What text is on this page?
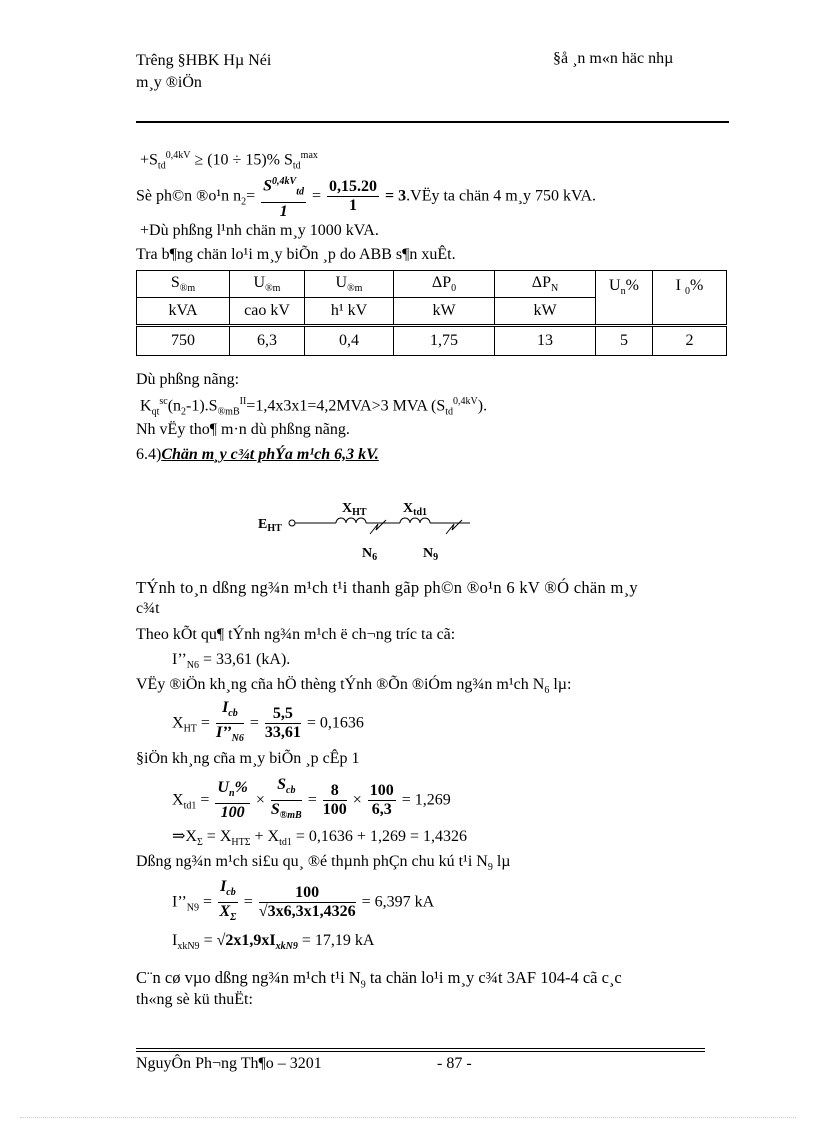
Trêng §HBK Hµ Néi
m¸y ®iÖn
§å ¸n m«n häc nhµ
$+S_{td}^{0,4kV} \ge (10 \div 15)\%$ $S_{td}^{max}$
Sè ph©n ®o¹n $n_2= \frac{S^{0,4kV}_{td}}{1} = \frac{0,15.20}{1}$ = 3.VËy ta chän 4 m¸y 750 kVA.
+Dù phßng l¹nh chän m¸y 1000 kVA.
Tra b¶ng chän lo¹i m¸y biÕn ¸p do ABB s¶n xuÊt.
$S_{®m}$	$U_{®m}$	$U_{®m}$	$\Delta P_0$	$\Delta P_N$	$U_n\%$	I $_0$%
kVA	cao kV	h¹ kV	kW	kW		
750	6,3	0,4	1,75	13	5	2
Dù phßng nãng:
$K_{qt}^{sc}(n_2-1).S_{®mB}^{II}=1,4x3x1=4,2MVA>3$ MVA $(S_{td}^{0,4kV})$.
Nh vËy tho¶ m·n dù phßng nãng.
6.4)Chän m¸y c¾t phÝa m¹ch 6,3 kV.
$E_{HT}$
$X_{HT}$	$X_{td1}$
$N_6$	$N_9$
TÝnh to¸n dßng ng¾n m¹ch t¹i thanh gãp ph©n ®o¹n 6 kV ®Ó chän m¸y
c¾t
Theo kÕt qu¶ tÝnh ng¾n m¹ch ë ch¬ng tríc ta cã:
$I’’_{N6} = 33,61$ (kA).
VËy ®iÖn kh¸ng cña hÖ thèng tÝnh ®Õn ®iÓm ng¾n m¹ch $N_6$ lµ:
$X_{HT} = \frac{I_{cb}}{I’’_{N6}} = \frac{5,5}{33,61} = 0,1636$
§iÖn kh¸ng cña m¸y biÕn ¸p cÊp 1
$X_{td1} = \frac{U_n\%}{100} \times \frac{S_{cb}}{S_{®mB}} = \frac{8}{100} \times \frac{100}{6,3} = 1,269$
$\Rightarrow X_\Sigma = X_{HT\Sigma} + X_{td1} = 0,1636 + 1,269 = 1,4326$
Dßng ng¾n m¹ch si£u qu¸ ®é thµnh phÇn chu kú t¹i $N_9$ lµ
$I’’_{N9} = \frac{I_{cb}}{X_\Sigma} = \frac{100}{√3x6,3x1,4326} = 6,397$ kA
$I_{xkN9} = √2x1,9xI_{xkN9} = 17,19$ kA
C¨n cø vµo dßng ng¾n m¹ch t¹i $N_9$ ta chän lo¹i m¸y c¾t 3AF 104-4 cã c¸c
th«ng sè kü thuËt:
NguyÔn Ph¬ng Th¶o – 3201	- 87 -
